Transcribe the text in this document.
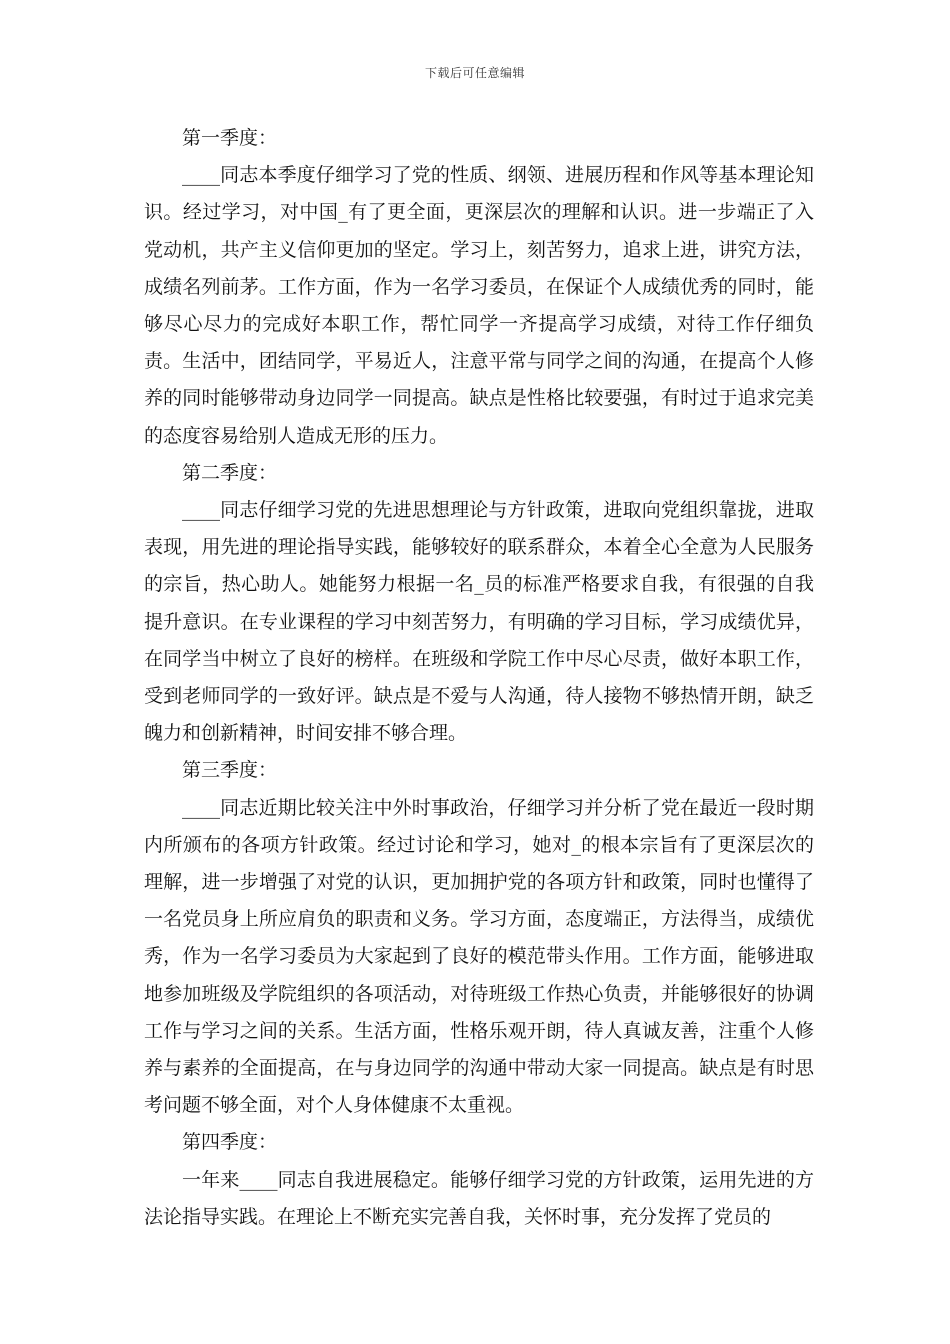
下载后可任意编辑

第一季度：

____同志本季度仔细学习了党的性质、纲领、进展历程和作风等基本理论知识。经过学习，对中国_有了更全面，更深层次的理解和认识。进一步端正了入党动机，共产主义信仰更加的坚定。学习上，刻苦努力，追求上进，讲究方法，成绩名列前茅。工作方面，作为一名学习委员，在保证个人成绩优秀的同时，能够尽心尽力的完成好本职工作，帮忙同学一齐提高学习成绩，对待工作仔细负责。生活中，团结同学，平易近人，注意平常与同学之间的沟通，在提高个人修养的同时能够带动身边同学一同提高。缺点是性格比较要强，有时过于追求完美的态度容易给别人造成无形的压力。

第二季度：

____同志仔细学习党的先进思想理论与方针政策，进取向党组织靠拢，进取表现，用先进的理论指导实践，能够较好的联系群众，本着全心全意为人民服务的宗旨，热心助人。她能努力根据一名_员的标准严格要求自我，有很强的自我提升意识。在专业课程的学习中刻苦努力，有明确的学习目标，学习成绩优异，在同学当中树立了良好的榜样。在班级和学院工作中尽心尽责，做好本职工作，受到老师同学的一致好评。缺点是不爱与人沟通，待人接物不够热情开朗，缺乏魄力和创新精神，时间安排不够合理。

第三季度：

____同志近期比较关注中外时事政治，仔细学习并分析了党在最近一段时期内所颁布的各项方针政策。经过讨论和学习，她对_的根本宗旨有了更深层次的理解，进一步增强了对党的认识，更加拥护党的各项方针和政策，同时也懂得了一名党员身上所应肩负的职责和义务。学习方面，态度端正，方法得当，成绩优秀，作为一名学习委员为大家起到了良好的模范带头作用。工作方面，能够进取地参加班级及学院组织的各项活动，对待班级工作热心负责，并能够很好的协调工作与学习之间的关系。生活方面，性格乐观开朗，待人真诚友善，注重个人修养与素养的全面提高，在与身边同学的沟通中带动大家一同提高。缺点是有时思考问题不够全面，对个人身体健康不太重视。

第四季度：

一年来____同志自我进展稳定。能够仔细学习党的方针政策，运用先进的方法论指导实践。在理论上不断充实完善自我，关怀时事，充分发挥了党员的
